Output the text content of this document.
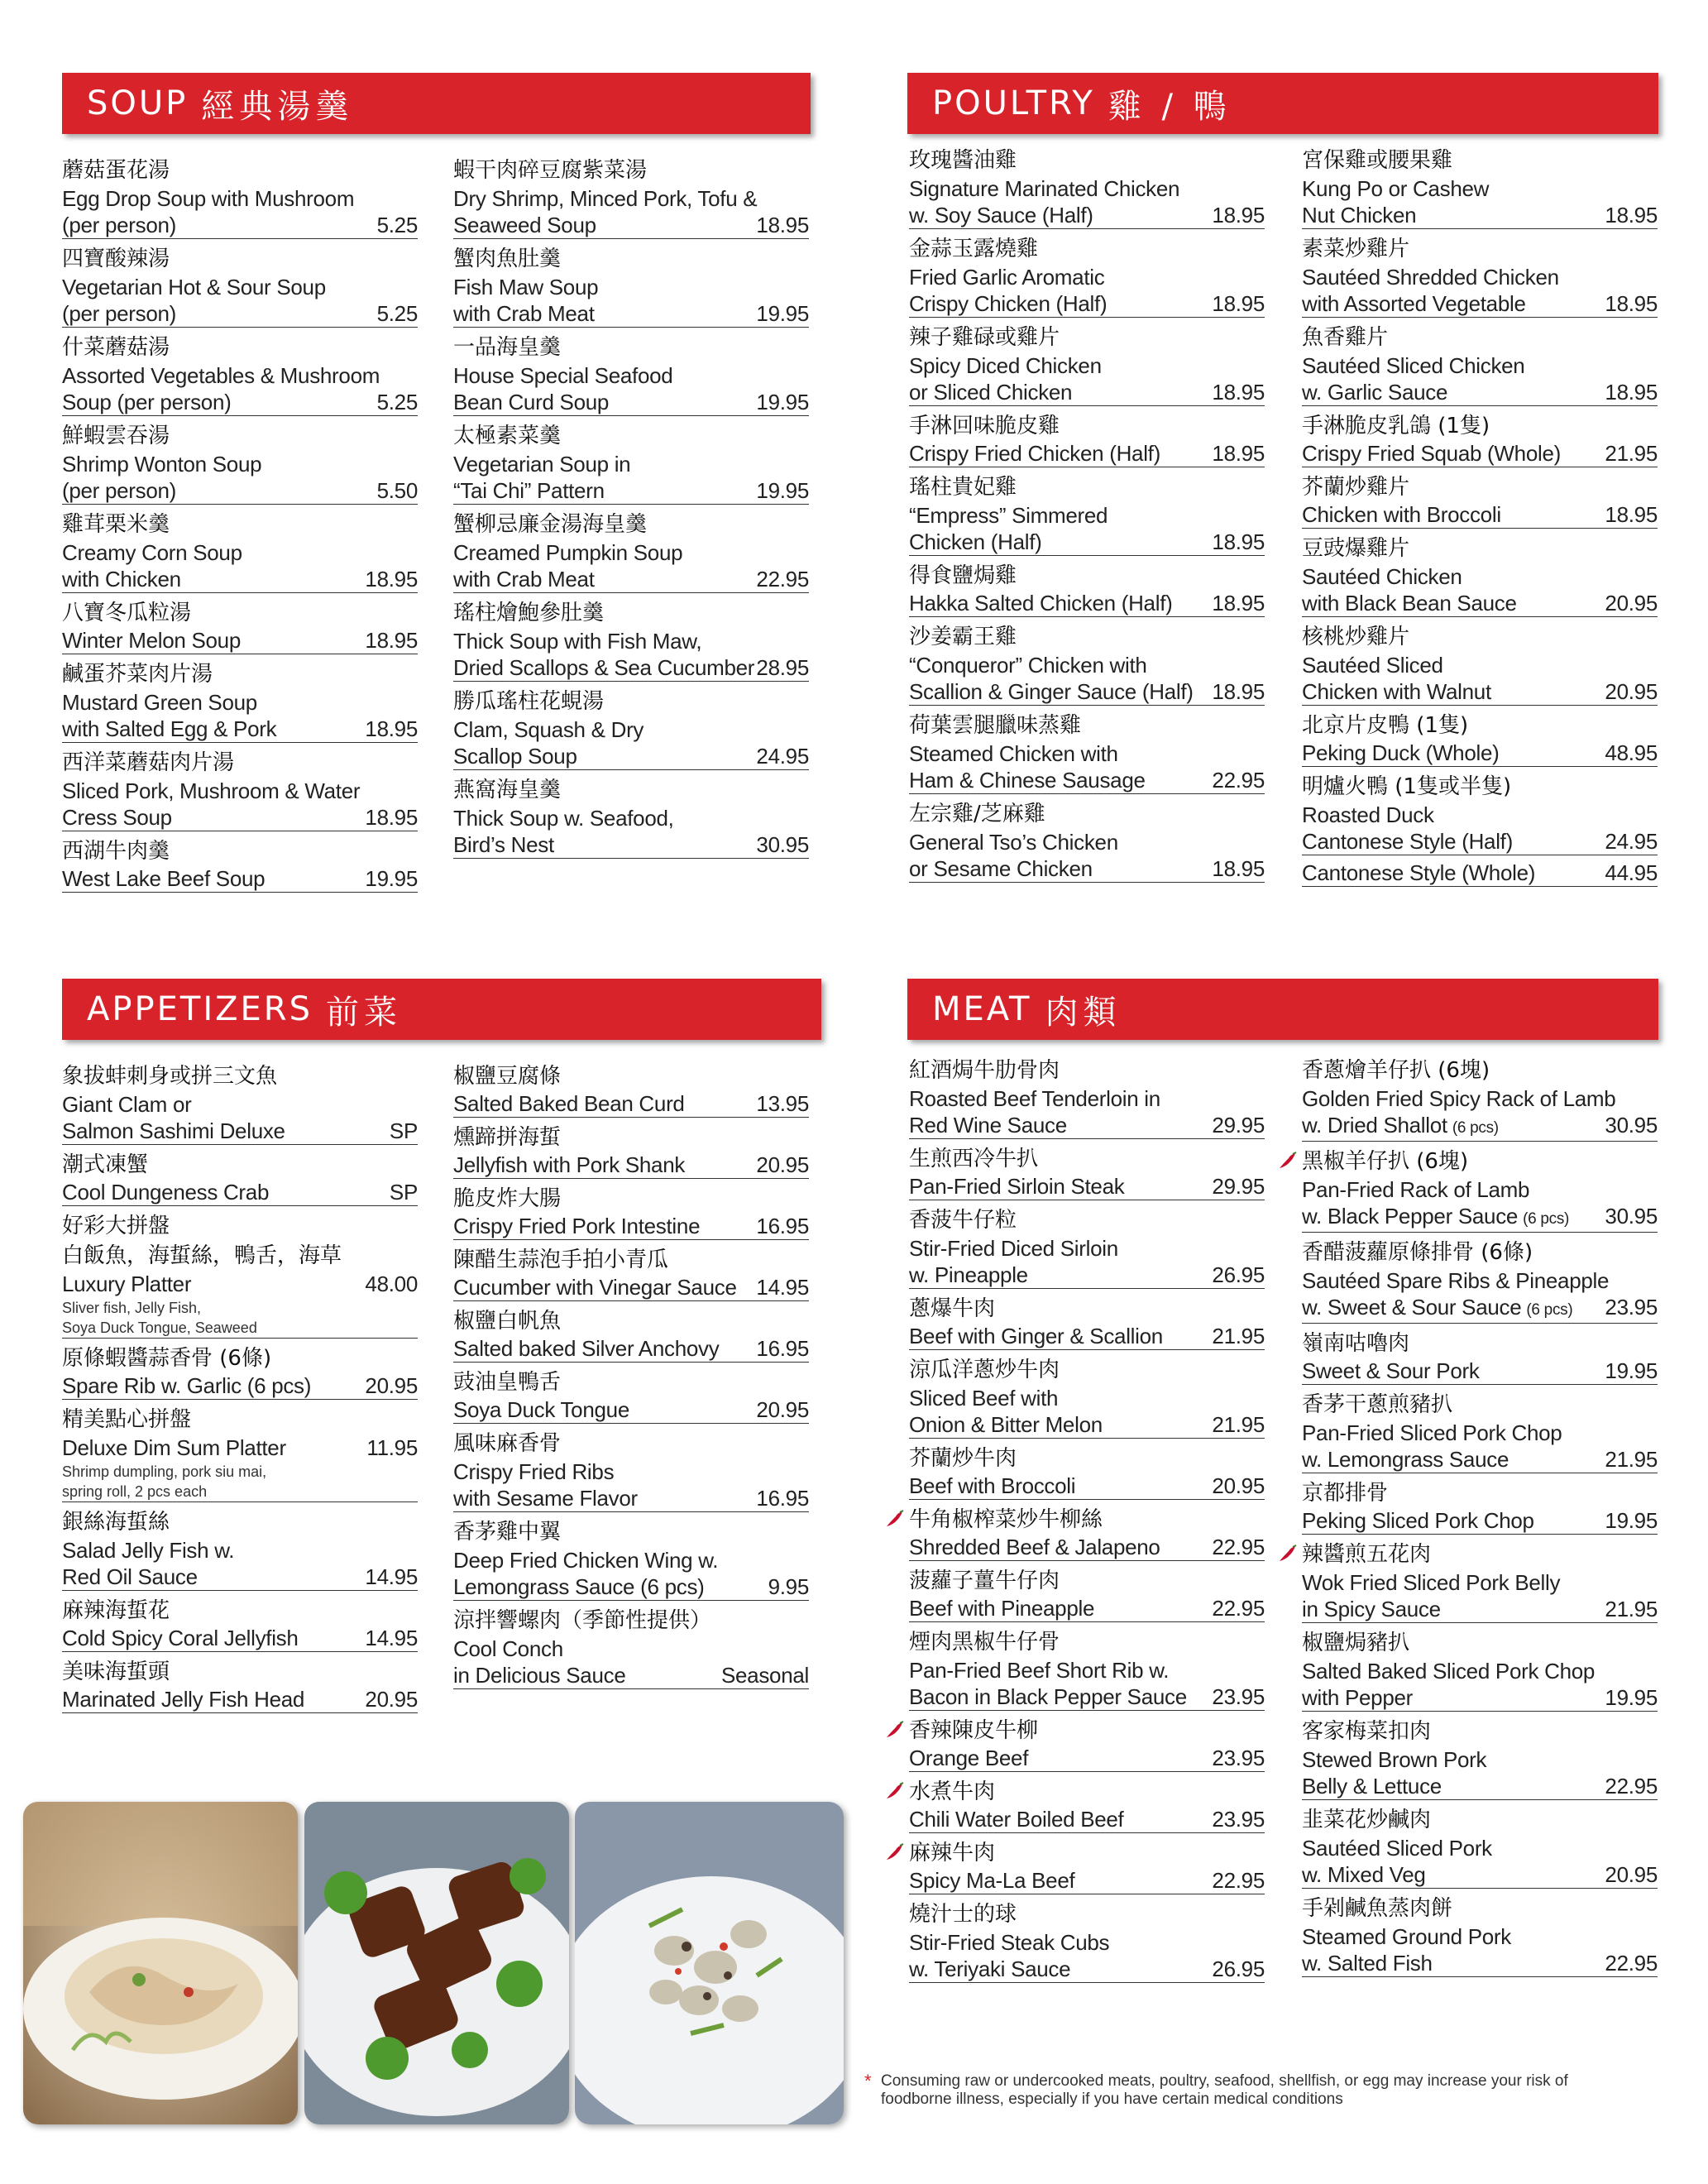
SOUP 經典湯羹
蘑菇蛋花湯
Egg Drop Soup with Mushroom
(per person)	5.25
四寶酸辣湯
Vegetarian Hot & Sour Soup
(per person)	5.25
什菜蘑菇湯
Assorted Vegetables & Mushroom
Soup (per person)	5.25
鮮蝦雲吞湯
Shrimp Wonton Soup
(per person)	5.50
雞茸栗米羹
Creamy Corn Soup
with Chicken	18.95
八寶冬瓜粒湯
Winter Melon Soup	18.95
鹹蛋芥菜肉片湯
Mustard Green Soup
with Salted Egg & Pork	18.95
西洋菜蘑菇肉片湯
Sliced Pork, Mushroom & Water
Cress Soup	18.95
西湖牛肉羹
West Lake Beef Soup	19.95
蝦干肉碎豆腐紫菜湯
Dry Shrimp, Minced Pork, Tofu &
Seaweed Soup	18.95
蟹肉魚肚羹
Fish Maw Soup
with Crab Meat	19.95
一品海皇羹
House Special Seafood
Bean Curd Soup	19.95
太極素菜羹
Vegetarian Soup in
“Tai Chi” Pattern	19.95
蟹柳忌廉金湯海皇羹
Creamed Pumpkin Soup
with Crab Meat	22.95
瑤柱燴鮑參肚羹
Thick Soup with Fish Maw,
Dried Scallops & Sea Cucumber 28.95
勝瓜瑤柱花蜆湯
Clam, Squash & Dry
Scallop Soup	24.95
燕窩海皇羹
Thick Soup w. Seafood,
Bird’s Nest	30.95
POULTRY 雞 / 鴨
玫瑰醬油雞
Signature Marinated Chicken
w. Soy Sauce (Half)	18.95
金蒜玉露燒雞
Fried Garlic Aromatic
Crispy Chicken (Half)	18.95
辣子雞碌或雞片
Spicy Diced Chicken
or Sliced Chicken	18.95
手淋回味脆皮雞
Crispy Fried Chicken (Half) 18.95
瑤柱貴妃雞
“Empress” Simmered
Chicken (Half)	18.95
得食鹽焗雞
Hakka Salted Chicken (Half) 18.95
沙姜霸王雞
“Conqueror” Chicken with
Scallion & Ginger Sauce (Half) 18.95
荷葉雲腿臘味蒸雞
Steamed Chicken with
Ham & Chinese Sausage	22.95
左宗雞/芝麻雞
General Tso’s Chicken
or Sesame Chicken	18.95
宮保雞或腰果雞
Kung Po or Cashew
Nut Chicken	18.95
素菜炒雞片
Sautéed Shredded Chicken
with Assorted Vegetable	18.95
魚香雞片
Sautéed Sliced Chicken
w. Garlic Sauce	18.95
手淋脆皮乳鴿 (1隻)
Crispy Fried Squab (Whole) 21.95
芥蘭炒雞片
Chicken with Broccoli	18.95
豆豉爆雞片
Sautéed Chicken
with Black Bean Sauce	20.95
核桃炒雞片
Sautéed Sliced
Chicken with Walnut	20.95
北京片皮鴨 (1隻)
Peking Duck (Whole)	48.95
明爐火鴨 (1隻或半隻)
Roasted Duck
Cantonese Style (Half)	24.95
Cantonese Style (Whole)	44.95
APPETIZERS 前菜
象拔蚌刺身或拼三文魚
Giant Clam or
Salmon Sashimi Deluxe	SP
潮式凍蟹
Cool Dungeness Crab	SP
好彩大拼盤
白飯魚，海蜇絲，鴨舌，海草
Luxury Platter	48.00
Sliver fish, Jelly Fish,
Soya Duck Tongue, Seaweed
原條蝦醬蒜香骨 (6條)
Spare Rib w. Garlic (6 pcs)	20.95
精美點心拼盤
Deluxe Dim Sum Platter	11.95
Shrimp dumpling, pork siu mai,
spring roll, 2 pcs each
銀絲海蜇絲
Salad Jelly Fish w.
Red Oil Sauce	14.95
麻辣海蜇花
Cold Spicy Coral Jellyfish	14.95
美味海蜇頭
Marinated Jelly Fish Head	20.95
椒鹽豆腐條
Salted Baked Bean Curd	13.95
燻蹄拼海蜇
Jellyfish with Pork Shank	20.95
脆皮炸大腸
Crispy Fried Pork Intestine	16.95
陳醋生蒜泡手拍小青瓜
Cucumber with Vinegar Sauce 14.95
椒鹽白帆魚
Salted baked Silver Anchovy 16.95
豉油皇鴨舌
Soya Duck Tongue	20.95
風味麻香骨
Crispy Fried Ribs
with Sesame Flavor	16.95
香茅雞中翼
Deep Fried Chicken Wing w.
Lemongrass Sauce (6 pcs)	9.95
涼拌響螺肉（季節性提供）
Cool Conch
in Delicious Sauce	Seasonal
MEAT 肉類
紅酒焗牛肋骨肉
Roasted Beef Tenderloin in
Red Wine Sauce	29.95
生煎西冷牛扒
Pan-Fried Sirloin Steak	29.95
香菠牛仔粒
Stir-Fried Diced Sirloin
w. Pineapple	26.95
蔥爆牛肉
Beef with Ginger & Scallion 21.95
涼瓜洋蔥炒牛肉
Sliced Beef with
Onion & Bitter Melon	21.95
芥蘭炒牛肉
Beef with Broccoli	20.95
牛角椒榨菜炒牛柳絲
Shredded Beef & Jalapeno 22.95
菠蘿子薑牛仔肉
Beef with Pineapple	22.95
煙肉黑椒牛仔骨
Pan-Fried Beef Short Rib w.
Bacon in Black Pepper Sauce 23.95
香辣陳皮牛柳
Orange Beef	23.95
水煮牛肉
Chili Water Boiled Beef	23.95
麻辣牛肉
Spicy Ma-La Beef	22.95
燒汁士的球
Stir-Fried Steak Cubs
w. Teriyaki Sauce	26.95
香蔥燴羊仔扒 (6塊)
Golden Fried Spicy Rack of Lamb
w. Dried Shallot (6 pcs)	30.95
黑椒羊仔扒 (6塊)
Pan-Fried Rack of Lamb
w. Black Pepper Sauce (6 pcs) 30.95
香醋菠蘿原條排骨 (6條)
Sautéed Spare Ribs & Pineapple
w. Sweet & Sour Sauce (6 pcs) 23.95
嶺南咕嚕肉
Sweet & Sour Pork	19.95
香茅干蔥煎豬扒
Pan-Fried Sliced Pork Chop
w. Lemongrass Sauce	21.95
京都排骨
Peking Sliced Pork Chop	19.95
辣醬煎五花肉
Wok Fried Sliced Pork Belly
in Spicy Sauce	21.95
椒鹽焗豬扒
Salted Baked Sliced Pork Chop
with Pepper	19.95
客家梅菜扣肉
Stewed Brown Pork
Belly & Lettuce	22.95
韭菜花炒鹹肉
Sautéed Sliced Pork
w. Mixed Veg	20.95
手剁鹹魚蒸肉餅
Steamed Ground Pork
w. Salted Fish	22.95
* Consuming raw or undercooked meats, poultry, seafood, shellfish, or egg may increase your risk of foodborne illness, especially if you have certain medical conditions
